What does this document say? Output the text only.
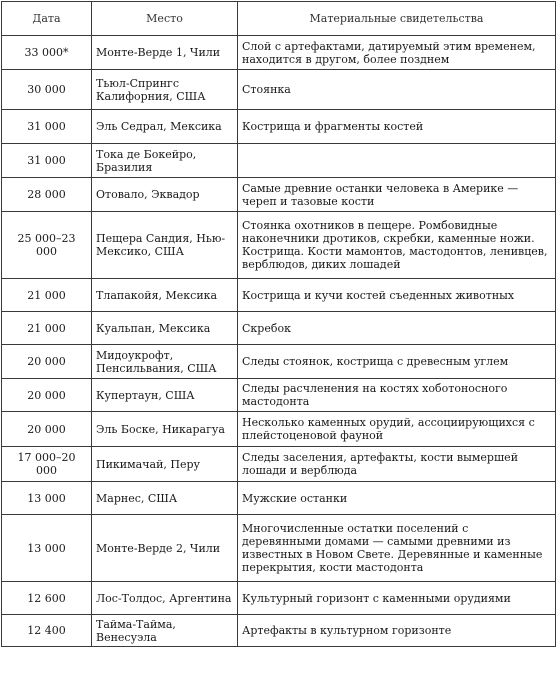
Дата	Место	Материальные свидетельства
33 000*	Монте-Верде 1, Чили	Слой с артефактами, датируемый этим временем, находится в другом, более позднем
30 000	Тьюл-Спрингс Калифорния, США	Стоянка
31 000	Эль Седрал, Мексика	Кострища и фрагменты костей
31 000	Тока де Бокейро, Бразилия	
28 000	Отовало, Эквадор	Самые древние останки человека в Америке — череп и тазовые кости
25 000–23 000	Пещера Сандия, Нью-Мексико, США	Стоянка охотников в пещере. Ромбовидные наконечники дротиков, скребки, каменные ножи. Кострища. Кости мамонтов, мастодонтов, ленивцев, верблюдов, диких лошадей
21 000	Тлапакойя, Мексика	Кострища и кучи костей съеденных животных
21 000	Куальпан, Мексика	Скребок
20 000	Мидоукрофт, Пенсильвания, США	Следы стоянок, кострища с древесным углем
20 000	Купертаун, США	Следы расчленения на костях хоботоносного мастодонта
20 000	Эль Боске, Никарагуа	Несколько каменных орудий, ассоциирующихся с плейстоценовой фауной
17 000–20 000	Пикимачай, Перу	Следы заселения, артефакты, кости вымершей лошади и верблюда
13 000	Марнес, США	Мужские останки
13 000	Монте-Верде 2, Чили	Многочисленные остатки поселений с деревянными домами — самыми древними из известных в Новом Свете. Деревянные и каменные перекрытия, кости мастодонта
12 600	Лос-Толдос, Аргентина	Культурный горизонт с каменными орудиями
12 400	Тайма-Тайма, Венесуэла	Артефакты в культурном горизонте
